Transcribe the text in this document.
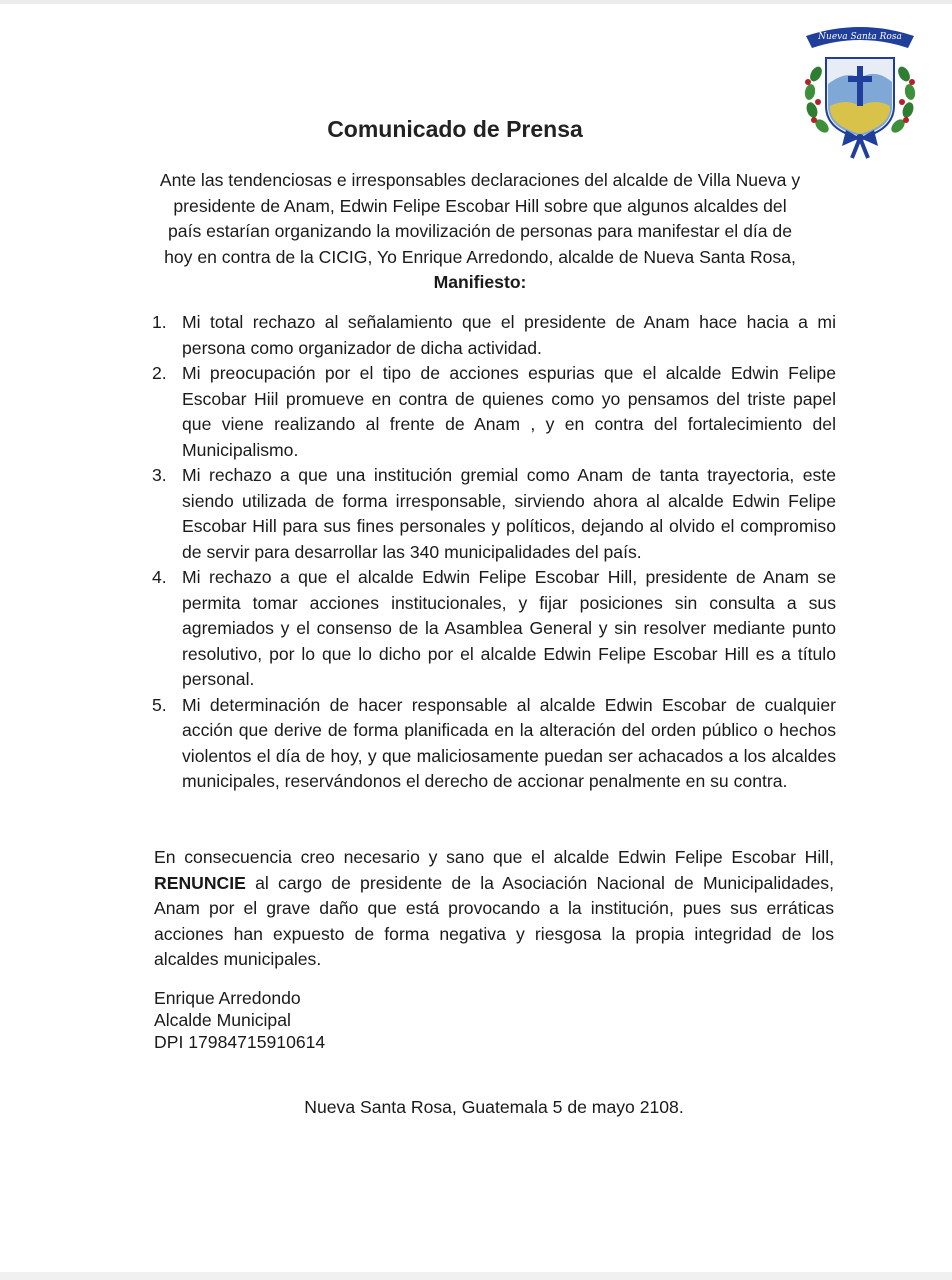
Nueva Santa Rosa
Comunicado de Prensa
Ante las tendenciosas e irresponsables declaraciones del alcalde de Villa Nueva y
presidente de Anam, Edwin Felipe Escobar Hill sobre que algunos alcaldes del
país estarían organizando la movilización de personas para manifestar el día de
hoy en contra de la CICIG, Yo Enrique Arredondo, alcalde de Nueva Santa Rosa,
Manifiesto:
1. Mi total rechazo al señalamiento que el presidente de Anam hace hacia a mi persona como organizador de dicha actividad.
2. Mi preocupación por el tipo de acciones espurias que el alcalde Edwin Felipe Escobar Hiil promueve en contra de quienes como yo pensamos del triste papel que viene realizando al frente de Anam , y en contra del fortalecimiento del Municipalismo.
3. Mi rechazo a que una institución gremial como Anam de tanta trayectoria, este siendo utilizada de forma irresponsable, sirviendo ahora al alcalde Edwin Felipe Escobar Hill para sus fines personales y políticos, dejando al olvido el compromiso de servir para desarrollar las 340 municipalidades del país.
4. Mi rechazo a que el alcalde Edwin Felipe Escobar Hill, presidente de Anam se permita tomar acciones institucionales, y fijar posiciones sin consulta a sus agremiados y el consenso de la Asamblea General y sin resolver mediante punto resolutivo, por lo que lo dicho por el alcalde Edwin Felipe Escobar Hill es a título personal.
5. Mi determinación de hacer responsable al alcalde Edwin Escobar de cualquier acción que derive de forma planificada en la alteración del orden público o hechos violentos el día de hoy, y que maliciosamente puedan ser achacados a los alcaldes municipales, reservándonos el derecho de accionar penalmente en su contra.
En consecuencia creo necesario y sano que el alcalde Edwin Felipe Escobar Hill, RENUNCIE al cargo de presidente de la Asociación Nacional de Municipalidades, Anam por el grave daño que está provocando a la institución, pues sus erráticas acciones han expuesto de forma negativa y riesgosa la propia integridad de los alcaldes municipales.
Enrique Arredondo
Alcalde Municipal
DPI 17984715910614
Nueva Santa Rosa, Guatemala 5 de mayo 2108.
